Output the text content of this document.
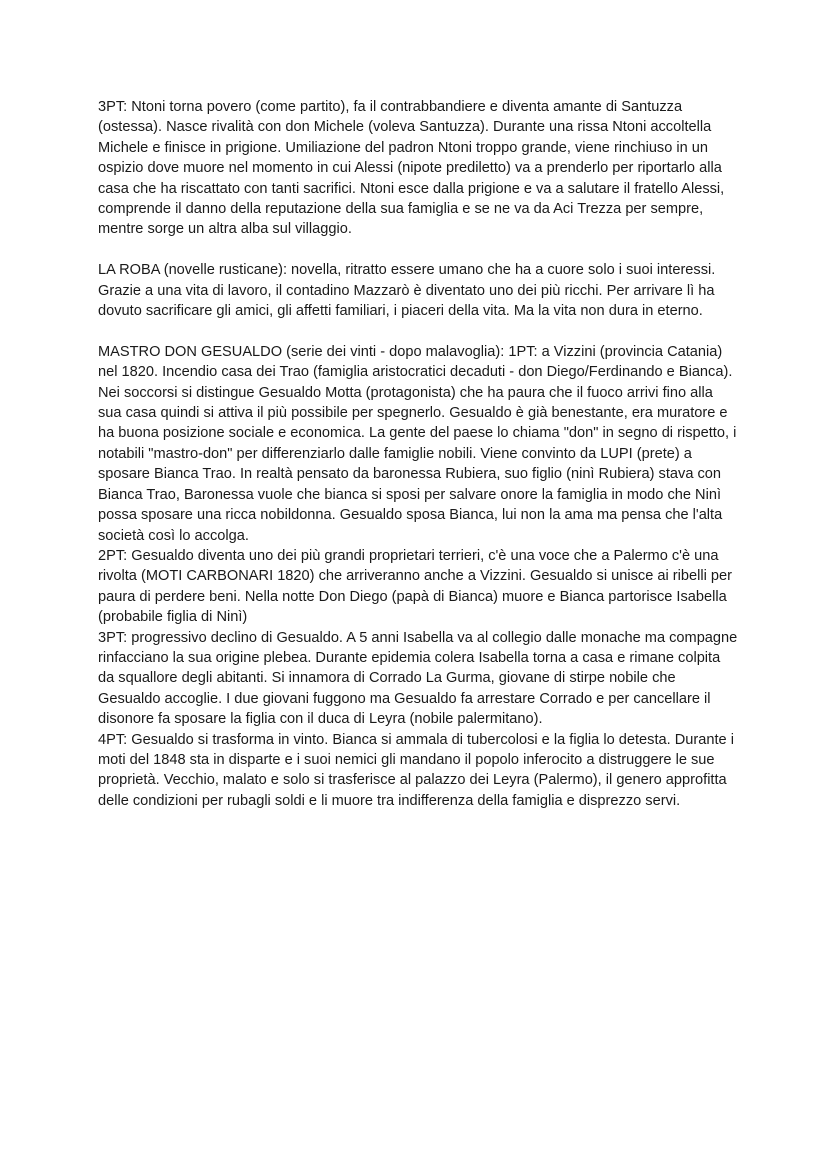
3PT: Ntoni torna povero (come partito), fa il contrabbandiere e diventa amante di Santuzza (ostessa). Nasce rivalità con don Michele (voleva Santuzza). Durante una rissa Ntoni accoltella Michele e finisce in prigione. Umiliazione del padron Ntoni troppo grande, viene rinchiuso in un ospizio dove muore nel momento in cui Alessi (nipote prediletto) va a prenderlo per riportarlo alla casa che ha riscattato con tanti sacrifici. Ntoni esce dalla prigione e va a salutare il fratello Alessi, comprende il danno della reputazione della sua famiglia e se ne va da Aci Trezza per sempre, mentre sorge un altra alba sul villaggio.

LA ROBA (novelle rusticane): novella, ritratto essere umano che ha a cuore solo i suoi interessi. Grazie a una vita di lavoro, il contadino Mazzarò è diventato uno dei più ricchi. Per arrivare lì ha dovuto sacrificare gli amici, gli affetti familiari, i piaceri della vita. Ma la vita non dura in eterno.

MASTRO DON GESUALDO (serie dei vinti - dopo malavoglia): 1PT: a Vizzini (provincia Catania) nel 1820. Incendio casa dei Trao (famiglia aristocratici decaduti - don Diego/Ferdinando e Bianca). Nei soccorsi si distingue Gesualdo Motta (protagonista) che ha paura che il fuoco arrivi fino alla sua casa quindi si attiva il più possibile per spegnerlo. Gesualdo è già benestante, era muratore e ha buona posizione sociale e economica. La gente del paese lo chiama "don" in segno di rispetto, i notabili "mastro-don" per differenziarlo dalle famiglie nobili. Viene convinto da LUPI (prete) a sposare Bianca Trao. In realtà pensato da baronessa Rubiera, suo figlio (ninì Rubiera) stava con Bianca Trao, Baronessa vuole che bianca si sposi per salvare onore la famiglia in modo che Ninì possa sposare una ricca nobildonna. Gesualdo sposa Bianca, lui non la ama ma pensa che l'alta società così lo accolga.

2PT: Gesualdo diventa uno dei più grandi proprietari terrieri, c'è una voce che a Palermo c'è una rivolta (MOTI CARBONARI 1820) che arriveranno anche a Vizzini. Gesualdo si unisce ai ribelli per paura di perdere beni. Nella notte Don Diego (papà di Bianca) muore e Bianca partorisce Isabella (probabile figlia di Ninì)

3PT: progressivo declino di Gesualdo. A 5 anni Isabella va al collegio dalle monache ma compagne rinfacciano la sua origine plebea. Durante epidemia colera Isabella torna a casa e rimane colpita da squallore degli abitanti. Si innamora di Corrado La Gurma, giovane di stirpe nobile che Gesualdo accoglie. I due giovani fuggono ma Gesualdo fa arrestare Corrado e per cancellare il disonore fa sposare la figlia con il duca di Leyra (nobile palermitano).

4PT: Gesualdo si trasforma in vinto. Bianca si ammala di tubercolosi e la figlia lo detesta. Durante i moti del 1848 sta in disparte e i suoi nemici gli mandano il popolo inferocito a distruggere le sue proprietà. Vecchio, malato e solo si trasferisce al palazzo dei Leyra (Palermo), il genero approfitta delle condizioni per rubagli soldi e li muore tra indifferenza della famiglia e disprezzo servi.
